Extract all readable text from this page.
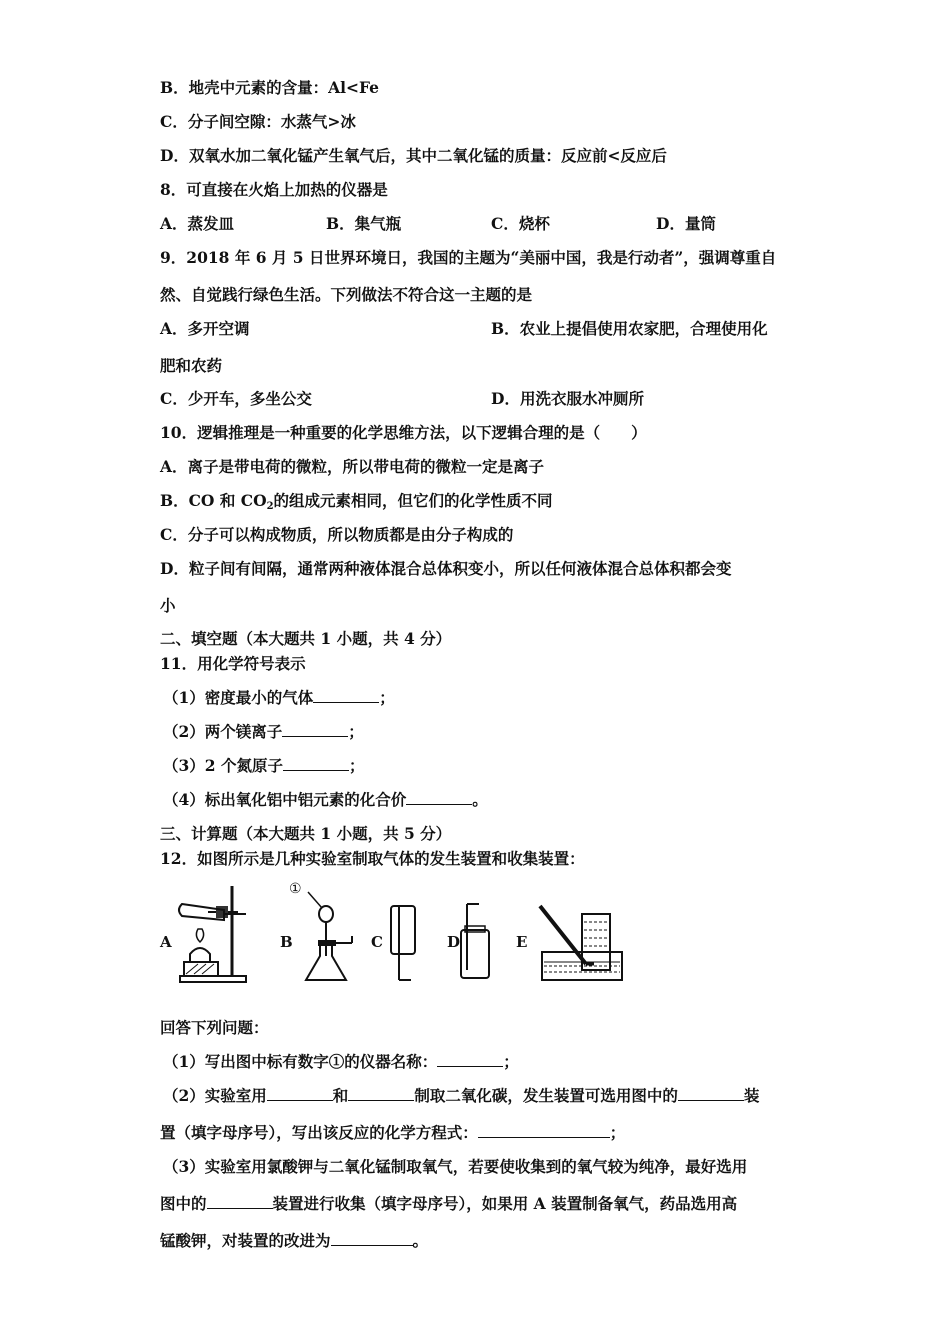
B．地壳中元素的含量：Al<Fe
C．分子间空隙：水蒸气>冰
D．双氧水加二氧化锰产生氧气后，其中二氧化锰的质量：反应前<反应后
8．可直接在火焰上加热的仪器是
A．蒸发皿	B．集气瓶	C．烧杯	D．量筒
9．2018 年 6 月 5 日世界环境日，我国的主题为“美丽中国，我是行动者”，强调尊重自
然、自觉践行绿色生活。下列做法不符合这一主题的是
A．多开空调	B．农业上提倡使用农家肥，合理使用化
肥和农药
C．少开车，多坐公交	D．用洗衣服水冲厕所
10．逻辑推理是一种重要的化学思维方法，以下逻辑合理的是（　　）
A．离子是带电荷的微粒，所以带电荷的微粒一定是离子
B．CO 和 $CO_2$的组成元素相同，但它们的化学性质不同
C．分子可以构成物质，所以物质都是由分子构成的
D．粒子间有间隔，通常两种液体混合总体积变小，所以任何液体混合总体积都会变
小
二、填空题（本大题共 1 小题，共 4 分）
11．用化学符号表示
（1）密度最小的气体	；
（2）两个镁离子	；
（3）2 个氮原子	；
（4）标出氧化铝中铝元素的化合价	。
三、计算题（本大题共 1 小题，共 5 分）
12．如图所示是几种实验室制取气体的发生装置和收集装置：
A	B	C	D	E
①
回答下列问题：
（1）写出图中标有数字①的仪器名称：	；
（2）实验室用	和	制取二氧化碳，发生装置可选用图中的	装
置（填字母序号），写出该反应的化学方程式：	；
（3）实验室用氯酸钾与二氧化锰制取氧气，若要使收集到的氧气较为纯净，最好选用
图中的	装置进行收集（填字母序号），如果用 A 装置制备氧气，药品选用高
锰酸钾，对装置的改进为	。
